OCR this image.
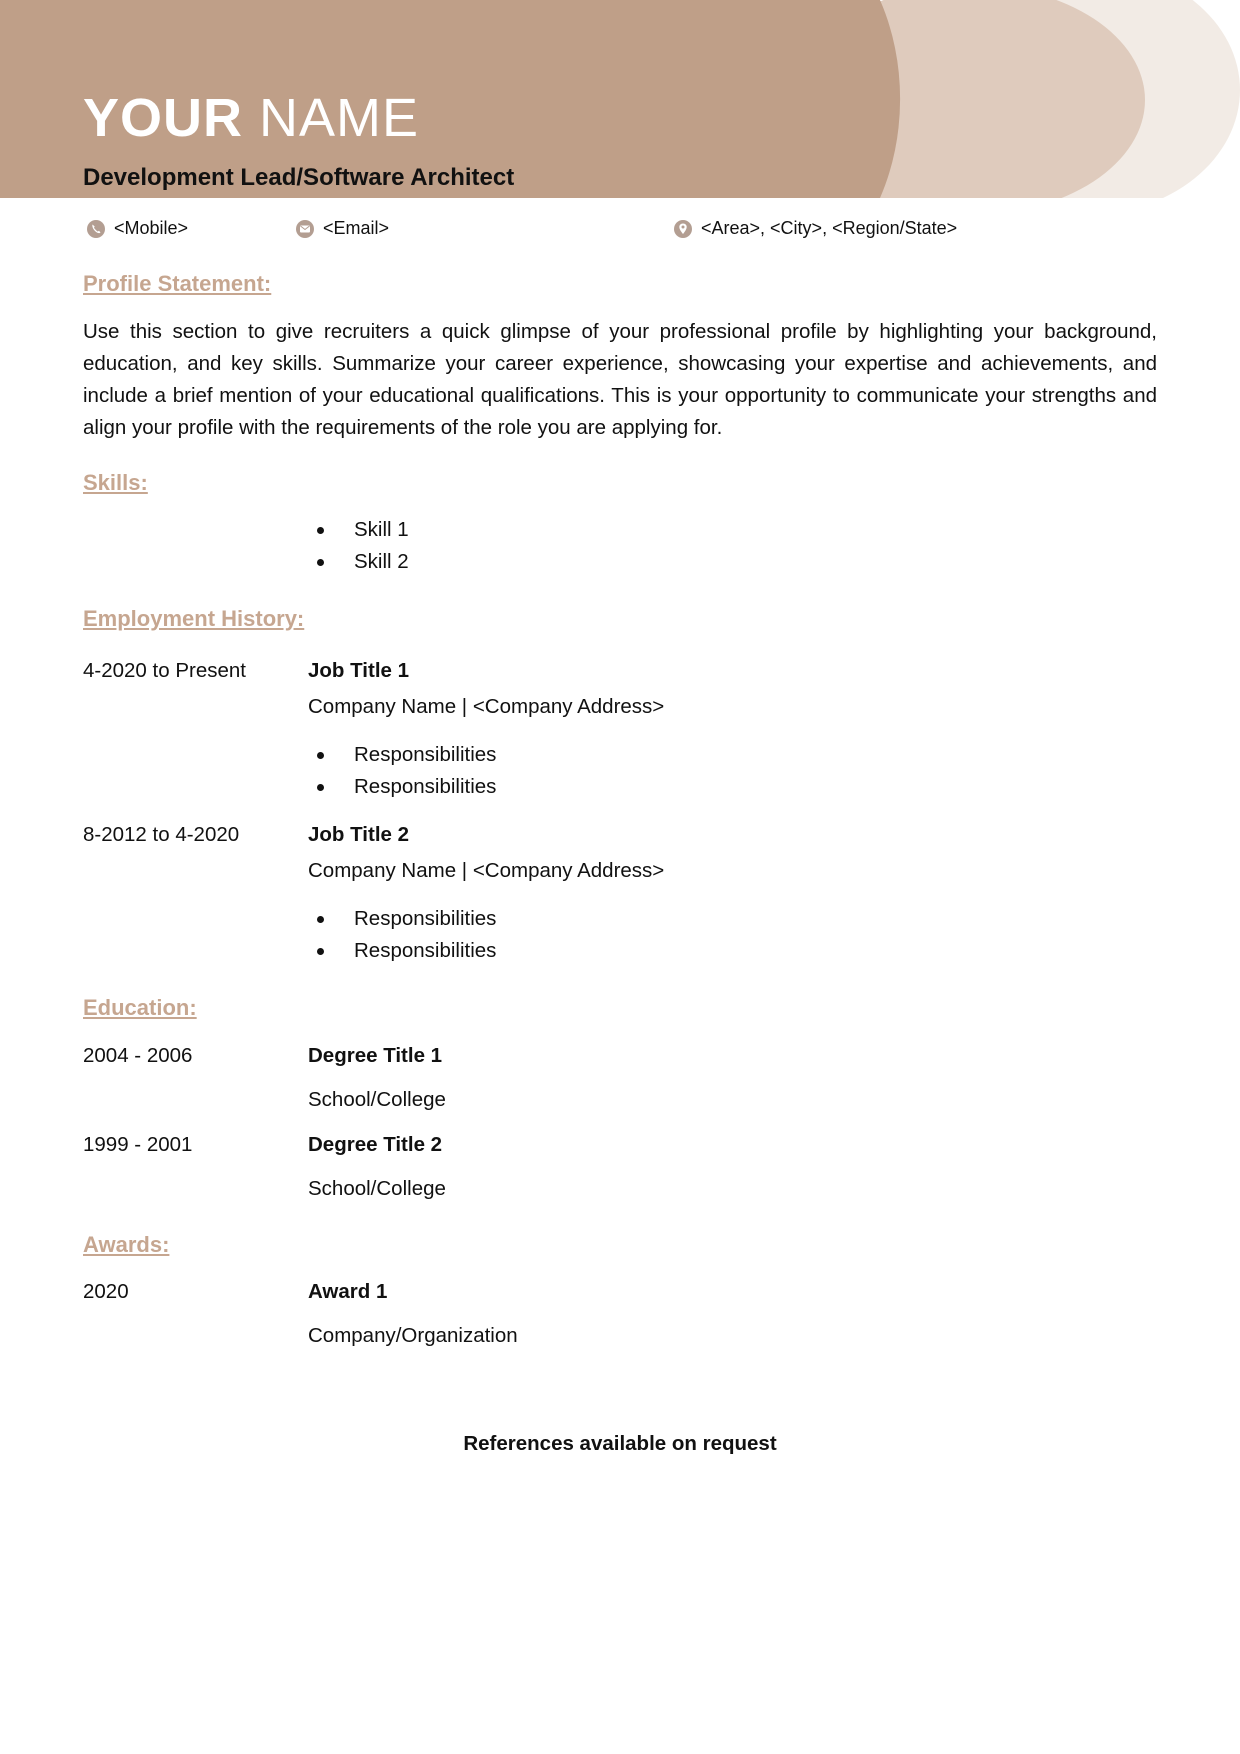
YOUR NAME
Development Lead/Software Architect
<Mobile>	<Email>	<Area>, <City>, <Region/State>
Profile Statement:

Use this section to give recruiters a quick glimpse of your professional profile by highlighting your background, education, and key skills. Summarize your career experience, showcasing your expertise and achievements, and include a brief mention of your educational qualifications. This is your opportunity to communicate your strengths and align your profile with the requirements of the role you are applying for.

Skills:
Skill 1
Skill 2
Employment History:
4-2020 to Present	Job Title 1
Company Name | <Company Address>
Responsibilities
Responsibilities
8-2012 to 4-2020	Job Title 2
Company Name | <Company Address>
Responsibilities
Responsibilities
Education:
2004 - 2006	Degree Title 1
School/College
1999 - 2001	Degree Title 2
School/College
Awards:
2020	Award 1
Company/Organization
References available on request
